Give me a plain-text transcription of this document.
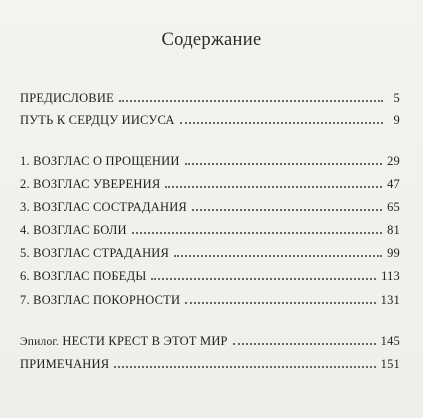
Содержание
ПРЕДИСЛОВИЕ	5
ПУТЬ К СЕРДЦУ ИИСУСА	9
1. ВОЗГЛАС О ПРОЩЕНИИ	29
2. ВОЗГЛАС УВЕРЕНИЯ	47
3. ВОЗГЛАС СОСТРАДАНИЯ	65
4. ВОЗГЛАС БОЛИ	81
5. ВОЗГЛАС СТРАДАНИЯ	99
6. ВОЗГЛАС ПОБЕДЫ	113
7. ВОЗГЛАС ПОКОРНОСТИ	131
Эпилог. НЕСТИ КРЕСТ В ЭТОТ МИР	145
ПРИМЕЧАНИЯ	151
